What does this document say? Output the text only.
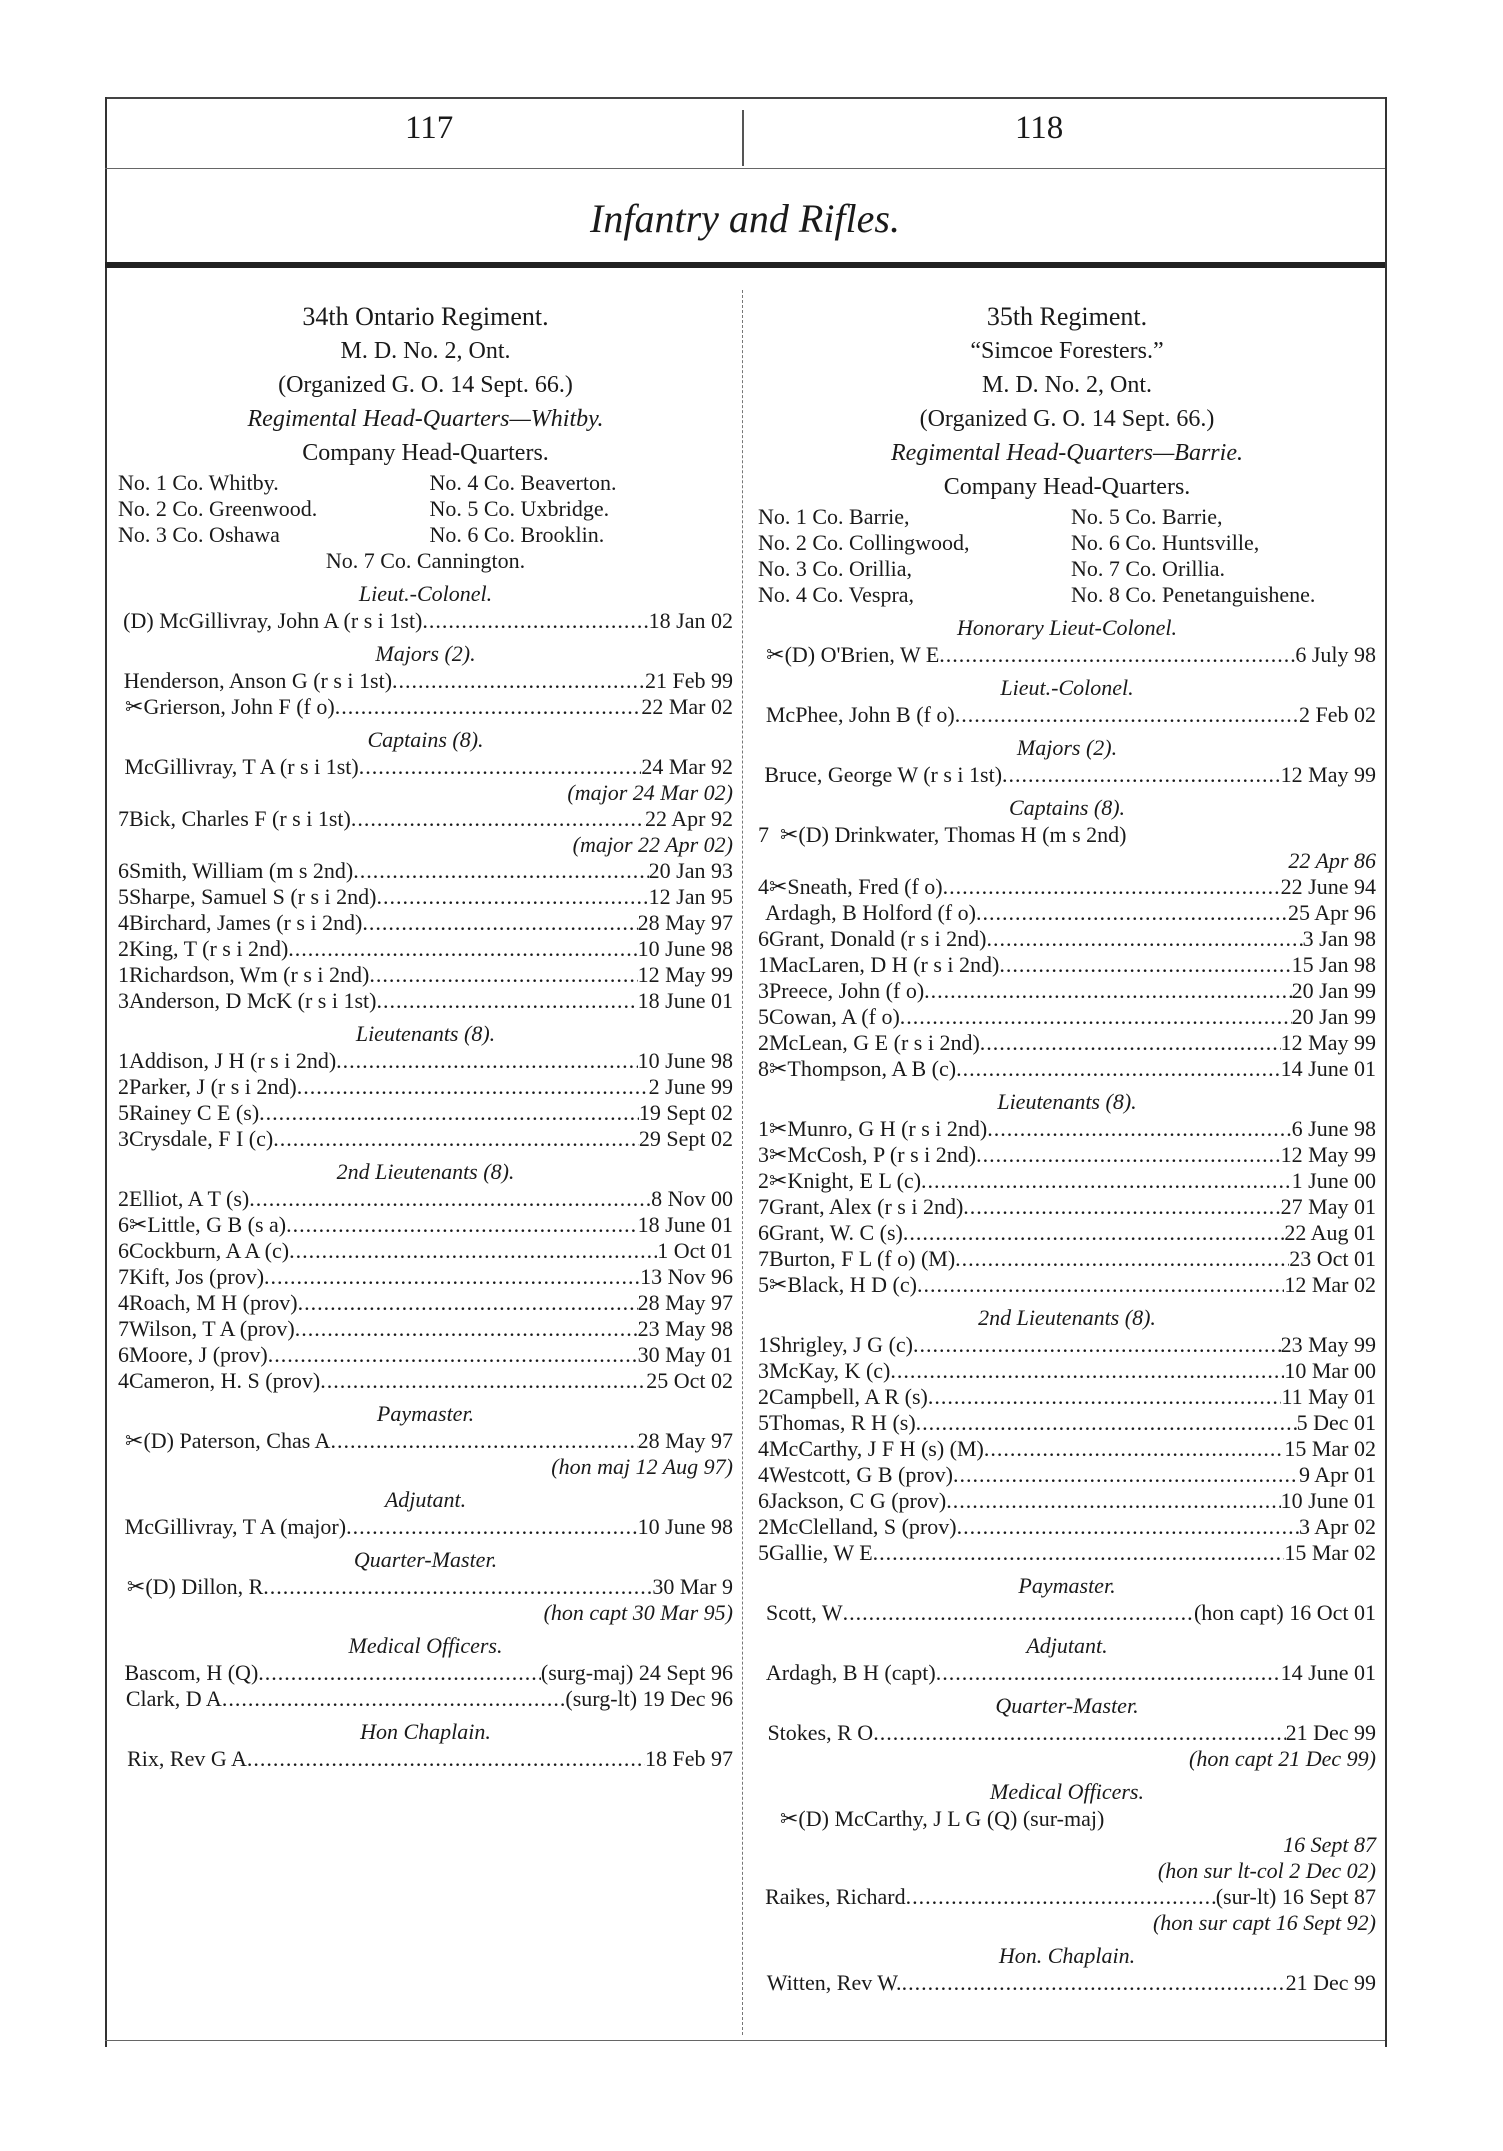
117	118
Infantry and Rifles.
34th Ontario Regiment.
M. D. No. 2, Ont.
(Organized G. O. 14 Sept. 66.)
Regimental Head-Quarters—Whitby.
Company Head-Quarters.
No. 1 Co. Whitby.	No. 4 Co. Beaverton.
No. 2 Co. Greenwood.	No. 5 Co. Uxbridge.
No. 3 Co. Oshawa	No. 6 Co. Brooklin.
No. 7 Co. Cannington.
Lieut.-Colonel.
(D) McGillivray, John A (r s i 1st) .....	18 Jan 02
Majors (2).
Henderson, Anson G (r s i 1st) .....	21 Feb 99
✂Grierson, John F (f o) .....	22 Mar 02
Captains (8).
McGillivray, T A (r s i 1st) .....	24 Mar 92
(major 24 Mar 02)
7 Bick, Charles F (r s i 1st) .....	22 Apr 92
(major 22 Apr 02)
6 Smith, William (m s 2nd) .....	20 Jan 93
5 Sharpe, Samuel S (r s i 2nd) .....	12 Jan 95
4 Birchard, James (r s i 2nd) .....	28 May 97
2 King, T (r s i 2nd) .....	10 June 98
1 Richardson, Wm (r s i 2nd) .....	12 May 99
3 Anderson, D McK (r s i 1st) .....	18 June 01
Lieutenants (8).
1 Addison, J H (r s i 2nd) .....	10 June 98
2 Parker, J (r s i 2nd) .....	2 June 99
5 Rainey C E (s) .....	19 Sept 02
3 Crysdale, F I (c) .....	29 Sept 02
2nd Lieutenants (8).
2 Elliot, A T (s) .....	8 Nov 00
6 ✂Little, G B (s a) .....	18 June 01
6 Cockburn, A A (c) .....	1 Oct 01
7 Kift, Jos (prov) .....	13 Nov 96
4 Roach, M H (prov) .....	28 May 97
7 Wilson, T A (prov) .....	23 May 98
6 Moore, J (prov) .....	30 May 01
4 Cameron, H. S (prov) .....	25 Oct 02
Paymaster.
✂(D) Paterson, Chas A .....	28 May 97
(hon maj 12 Aug 97)
Adjutant.
McGillivray, T A (major) .....	10 June 98
Quarter-Master.
✂(D) Dillon, R .....	30 Mar 9
(hon capt 30 Mar 95)
Medical Officers.
Bascom, H (Q) .....	(surg-maj) 24 Sept 96
Clark, D A .....	(surg-lt) 19 Dec 96
Hon Chaplain.
Rix, Rev G A .....	18 Feb 97
35th Regiment.
“Simcoe Foresters.”
M. D. No. 2, Ont.
(Organized G. O. 14 Sept. 66.)
Regimental Head-Quarters—Barrie.
Company Head-Quarters.
No. 1 Co. Barrie,	No. 5 Co. Barrie,
No. 2 Co. Collingwood,	No. 6 Co. Huntsville,
No. 3 Co. Orillia,	No. 7 Co. Orillia.
No. 4 Co. Vespra,	No. 8 Co. Penetanguishene.
Honorary Lieut-Colonel.
✂(D) O'Brien, W E .....	6 July 98
Lieut.-Colonel.
McPhee, John B (f o) .....	2 Feb 02
Majors (2).
Bruce, George W (r s i 1st) .....	12 May 99
Captains (8).
7 ✂(D) Drinkwater, Thomas H (m s 2nd)
22 Apr 86
4 ✂Sneath, Fred (f o) .....	22 June 94
Ardagh, B Holford (f o) .....	25 Apr 96
6 Grant, Donald (r s i 2nd) .....	3 Jan 98
1 MacLaren, D H (r s i 2nd) .....	15 Jan 98
3 Preece, John (f o) .....	20 Jan 99
5 Cowan, A (f o) .....	20 Jan 99
2 McLean, G E (r s i 2nd) .....	12 May 99
8 ✂Thompson, A B (c) .....	14 June 01
Lieutenants (8).
1 ✂Munro, G H (r s i 2nd) .....	6 June 98
3 ✂McCosh, P (r s i 2nd) .....	12 May 99
2 ✂Knight, E L (c) .....	1 June 00
7 Grant, Alex (r s i 2nd) .....	27 May 01
6 Grant, W. C (s) .....	22 Aug 01
7 Burton, F L (f o) (M) .....	23 Oct 01
5 ✂Black, H D (c) .....	12 Mar 02
2nd Lieutenants (8).
1 Shrigley, J G (c) .....	23 May 99
3 McKay, K (c) .....	10 Mar 00
2 Campbell, A R (s) .....	11 May 01
5 Thomas, R H (s) .....	5 Dec 01
4 McCarthy, J F H (s) (M) .....	15 Mar 02
4 Westcott, G B (prov) .....	9 Apr 01
6 Jackson, C G (prov) .....	10 June 01
2 McClelland, S (prov) .....	3 Apr 02
5 Gallie, W E .....	15 Mar 02
Paymaster.
Scott, W .....	(hon capt) 16 Oct 01
Adjutant.
Ardagh, B H (capt) .....	14 June 01
Quarter-Master.
Stokes, R O .....	21 Dec 99
(hon capt 21 Dec 99)
Medical Officers.
✂(D) McCarthy, J L G (Q) (sur-maj)
16 Sept 87
(hon sur lt-col 2 Dec 02)
Raikes, Richard .....	(sur-lt) 16 Sept 87
(hon sur capt 16 Sept 92)
Hon. Chaplain.
Witten, Rev W. .....	21 Dec 99
